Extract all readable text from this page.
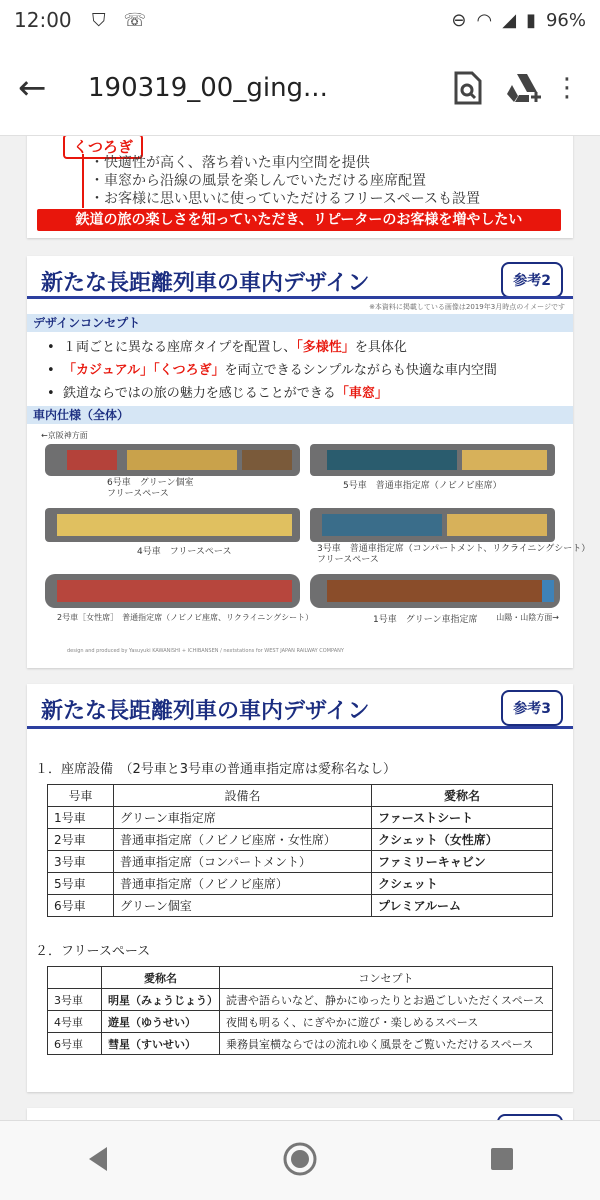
12:00 ⛉ ☏	⊖ ◠ ◢ ▮ 96%
←	190319_00_ging...	⋮
くつろぎ
・快適性が高く、落ち着いた車内空間を提供
・車窓から沿線の風景を楽しんでいただける座席配置
・お客様に思い思いに使っていただけるフリースペースも設置
鉄道の旅の楽しさを知っていただき、リピーターのお客様を増やしたい
新たな長距離列車の車内デザイン	参考2
※本資料に掲載している画像は2019年3月時点のイメージです
デザインコンセプト
•  １両ごとに異なる座席タイプを配置し、「多様性」を具体化
•  「カジュアル」「くつろぎ」を両立できるシンプルながらも快適な車内空間
•  鉄道ならではの旅の魅力を感じることができる「車窓」
車内仕様（全体）
←京阪神方面
6号車　グリーン個室
フリースペース
5号車　普通車指定席（ノビノビ座席）
4号車　フリースペース	3号車　普通車指定席（コンパートメント、リクライニングシート）
フリースペース
2号車［女性席］　普通指定席（ノビノビ座席、リクライニングシート）	1号車　グリーン車指定席 山陽・山陰方面→
design and produced by Yasuyuki KAWANISHI + ICHIBANSEN / nextstations for WEST JAPAN RAILWAY COMPANY
新たな長距離列車の車内デザイン	参考3
１．座席設備　（2号車と3号車の普通車指定席は愛称名なし）
号車	設備名	愛称名
1号車	グリーン車指定席	ファーストシート
2号車	普通車指定席（ノビノビ座席・女性席）	クシェット（女性席）
3号車	普通車指定席（コンパートメント）	ファミリーキャビン
5号車	普通車指定席（ノビノビ座席）	クシェット
6号車	グリーン個室	プレミアルーム
２．フリースペース
	愛称名	コンセプト
3号車	明星（みょうじょう）	読書や語らいなど、静かにゆったりとお過ごしいただくスペース
4号車	遊星（ゆうせい）	夜間も明るく、にぎやかに遊び・楽しめるスペース
6号車	彗星（すいせい）	乗務員室横ならではの流れゆく風景をご覧いただけるスペース
